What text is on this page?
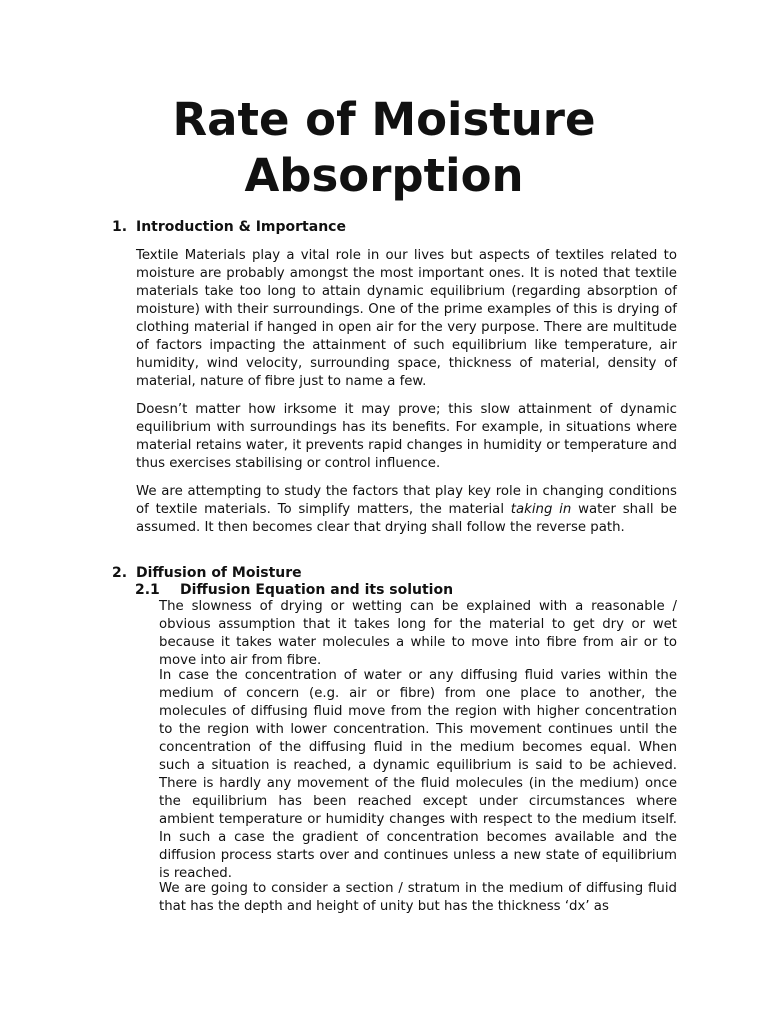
Rate of Moisture
Absorption
1. Introduction & Importance

Textile Materials play a vital role in our lives but aspects of textiles related to moisture are probably amongst the most important ones. It is noted that textile materials take too long to attain dynamic equilibrium (regarding absorption of moisture) with their surroundings. One of the prime examples of this is drying of clothing material if hanged in open air for the very purpose. There are multitude of factors impacting the attainment of such equilibrium like temperature, air humidity, wind velocity, surrounding space, thickness of material, density of material, nature of fibre just to name a few.

Doesn’t matter how irksome it may prove; this slow attainment of dynamic equilibrium with surroundings has its benefits. For example, in situations where material retains water, it prevents rapid changes in humidity or temperature and thus exercises stabilising or control influence.

We are attempting to study the factors that play key role in changing conditions of textile materials. To simplify matters, the material taking in water shall be assumed. It then becomes clear that drying shall follow the reverse path.

2. Diffusion of Moisture
2.1 Diffusion Equation and its solution

The slowness of drying or wetting can be explained with a reasonable / obvious assumption that it takes long for the material to get dry or wet because it takes water molecules a while to move into fibre from air or to move into air from fibre.

In case the concentration of water or any diffusing fluid varies within the medium of concern (e.g. air or fibre) from one place to another, the molecules of diffusing fluid move from the region with higher concentration to the region with lower concentration. This movement continues until the concentration of the diffusing fluid in the medium becomes equal. When such a situation is reached, a dynamic equilibrium is said to be achieved. There is hardly any movement of the fluid molecules (in the medium) once the equilibrium has been reached except under circumstances where ambient temperature or humidity changes with respect to the medium itself. In such a case the gradient of concentration becomes available and the diffusion process starts over and continues unless a new state of equilibrium is reached.

We are going to consider a section / stratum in the medium of diffusing fluid that has the depth and height of unity but has the thickness ‘dx’ as
